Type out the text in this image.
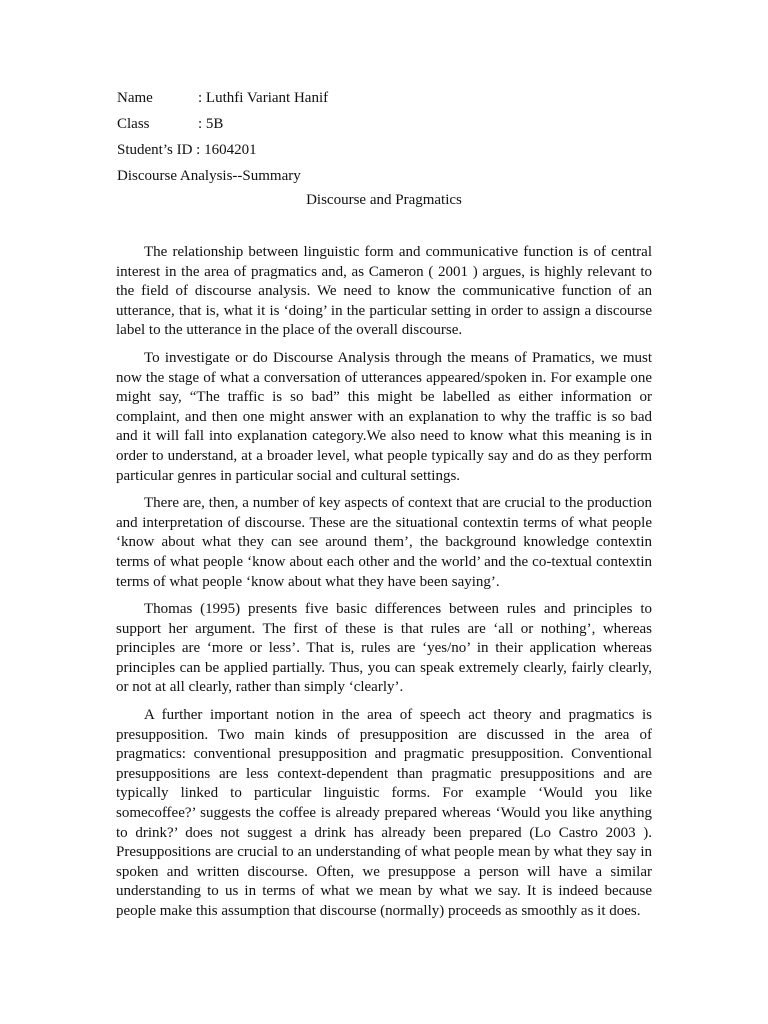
Name	: Luthfi Variant Hanif
Class	: 5B
Student’s ID : 1604201
Discourse Analysis--Summary
Discourse and Pragmatics

The relationship between linguistic form and communicative function is of central interest in the area of pragmatics and, as Cameron ( 2001 ) argues, is highly relevant to the field of discourse analysis. We need to know the communicative function of an utterance, that is, what it is ‘doing’ in the particular setting in order to assign a discourse label to the utterance in the place of the overall discourse.

To investigate or do Discourse Analysis through the means of Pramatics, we must now the stage of what a conversation of utterances appeared/spoken in. For example one might say, “The traffic is so bad” this might be labelled as either information or complaint, and then one might answer with an explanation to why the traffic is so bad and it will fall into explanation category.We also need to know what this meaning is in order to understand, at a broader level, what people typically say and do as they perform particular genres in particular social and cultural settings.

There are, then, a number of key aspects of context that are crucial to the production and interpretation of discourse. These are the situational contextin terms of what people ‘know about what they can see around them’, the background knowledge contextin terms of what people ‘know about each other and the world’ and the co-textual contextin terms of what people ‘know about what they have been saying’.

Thomas (1995) presents five basic differences between rules and principles to support her argument. The first of these is that rules are ‘all or nothing’, whereas principles are ‘more or less’. That is, rules are ‘yes/no’ in their application whereas principles can be applied partially. Thus, you can speak extremely clearly, fairly clearly, or not at all clearly, rather than simply ‘clearly’.

A further important notion in the area of speech act theory and pragmatics is presupposition. Two main kinds of presupposition are discussed in the area of pragmatics: conventional presupposition and pragmatic presupposition. Conventional presuppositions are less context-dependent than pragmatic presuppositions and are typically linked to particular linguistic forms. For example ‘Would you like somecoffee?’ suggests the coffee is already prepared whereas ‘Would you like anything to drink?’ does not suggest a drink has already been prepared (Lo Castro 2003 ). Presuppositions are crucial to an understanding of what people mean by what they say in spoken and written discourse. Often, we presuppose a person will have a similar understanding to us in terms of what we mean by what we say. It is indeed because people make this assumption that discourse (normally) proceeds as smoothly as it does.
